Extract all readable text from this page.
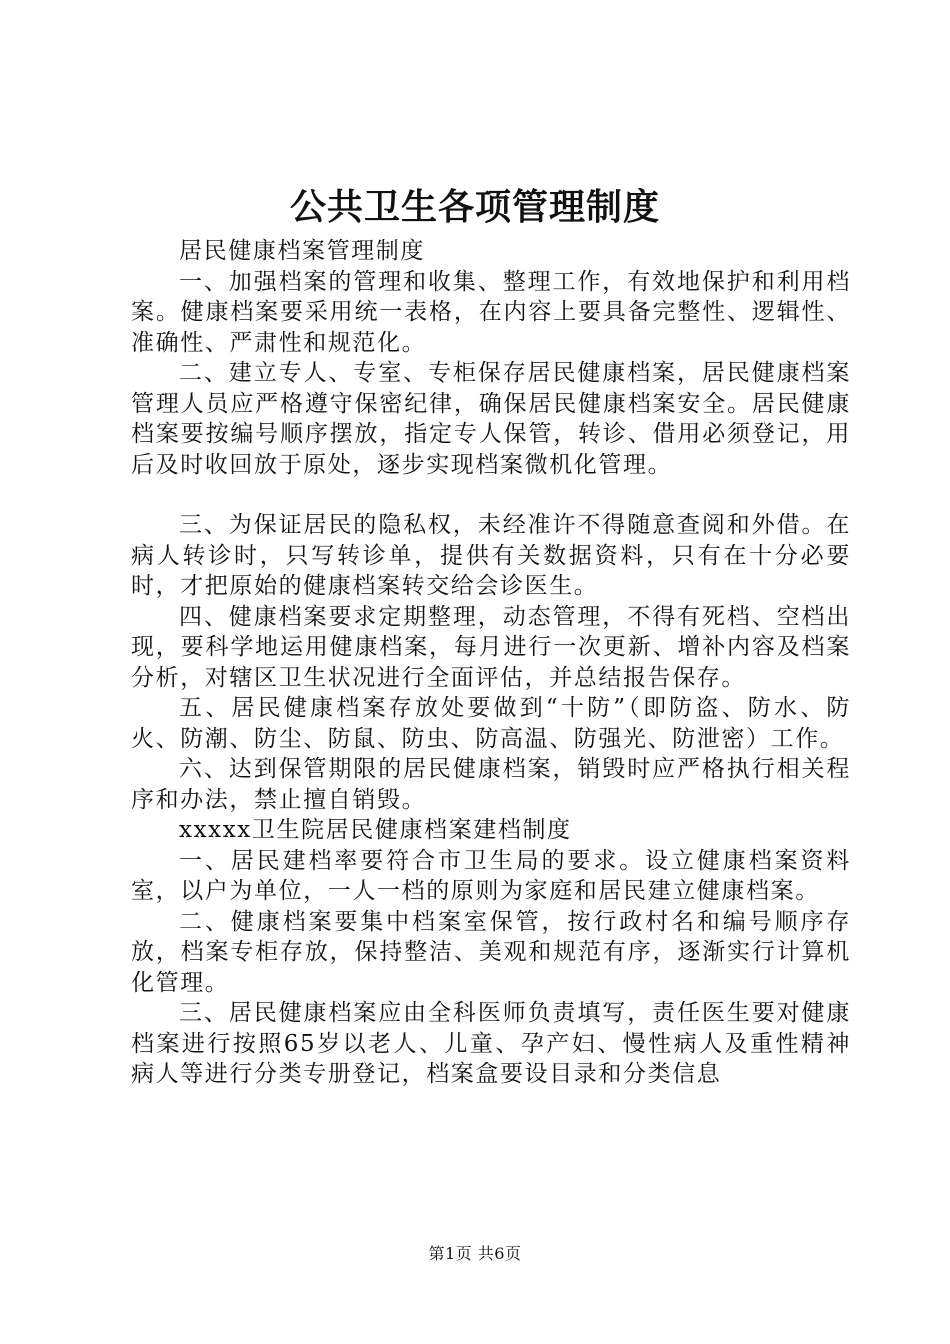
公共卫生各项管理制度

居民健康档案管理制度

一、加强档案的管理和收集、整理工作，有效地保护和利用档案。健康档案要采用统一表格，在内容上要具备完整性、逻辑性、准确性、严肃性和规范化。

二、建立专人、专室、专柜保存居民健康档案，居民健康档案管理人员应严格遵守保密纪律，确保居民健康档案安全。居民健康档案要按编号顺序摆放，指定专人保管，转诊、借用必须登记，用后及时收回放于原处，逐步实现档案微机化管理。

三、为保证居民的隐私权，未经准许不得随意查阅和外借。在病人转诊时，只写转诊单，提供有关数据资料，只有在十分必要时，才把原始的健康档案转交给会诊医生。

四、健康档案要求定期整理，动态管理，不得有死档、空档出现，要科学地运用健康档案，每月进行一次更新、增补内容及档案分析，对辖区卫生状况进行全面评估，并总结报告保存。

五、居民健康档案存放处要做到“十防”（即防盗、防水、防火、防潮、防尘、防鼠、防虫、防高温、防强光、防泄密）工作。

六、达到保管期限的居民健康档案，销毁时应严格执行相关程序和办法，禁止擅自销毁。

xxxxx卫生院居民健康档案建档制度

一、居民建档率要符合市卫生局的要求。设立健康档案资料室，以户为单位，一人一档的原则为家庭和居民建立健康档案。

二、健康档案要集中档案室保管，按行政村名和编号顺序存放，档案专柜存放，保持整洁、美观和规范有序，逐渐实行计算机化管理。

三、居民健康档案应由全科医师负责填写，责任医生要对健康档案进行按照65岁以老人、儿童、孕产妇、慢性病人及重性精神病人等进行分类专册登记，档案盒要设目录和分类信息

第1页 共6页
